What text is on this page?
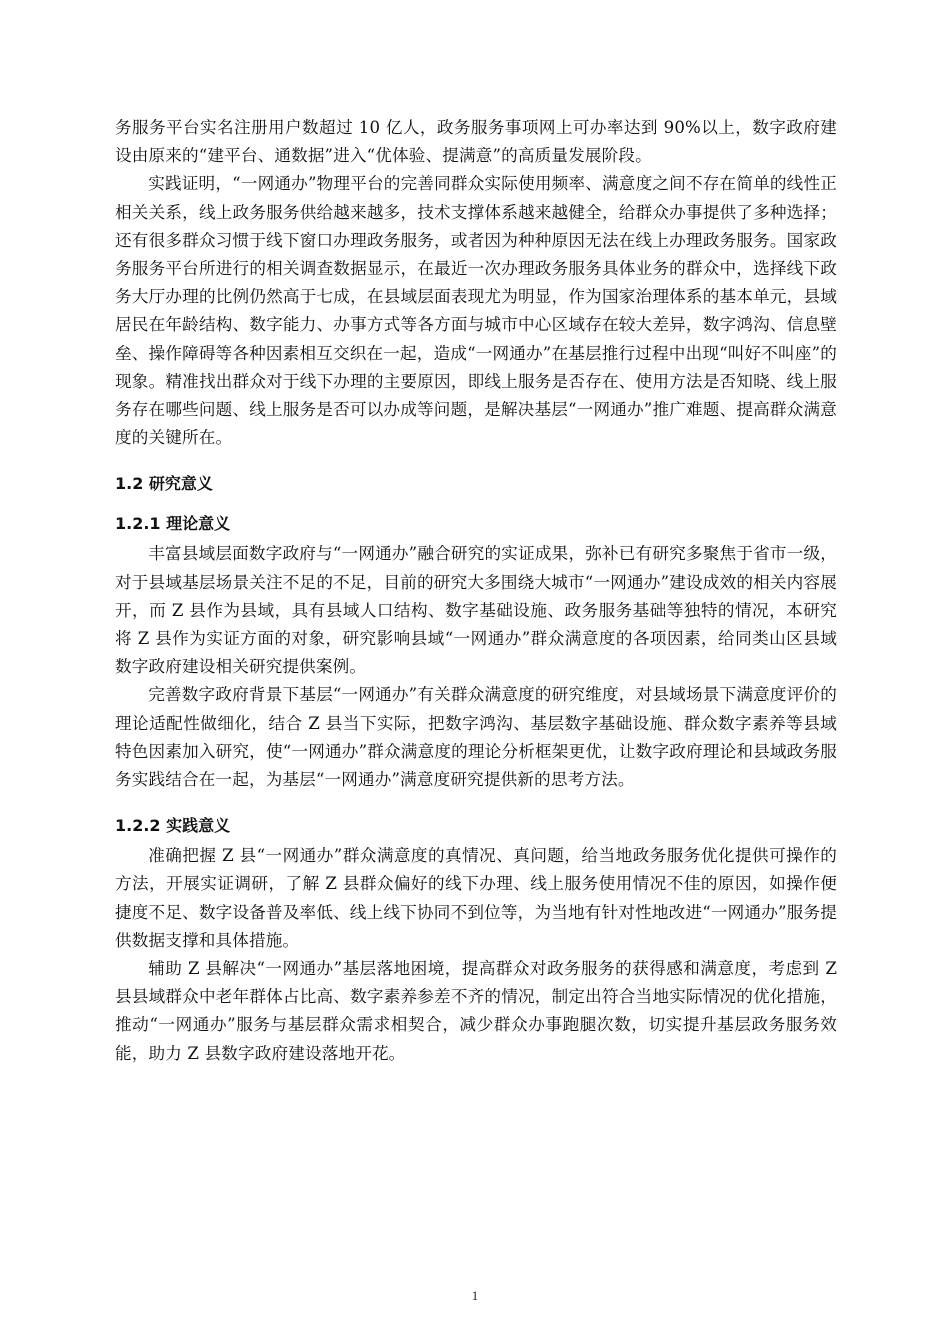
务服务平台实名注册用户数超过 10 亿人，政务服务事项网上可办率达到 90%以上，数字政府建设由原来的“建平台、通数据”进入“优体验、提满意”的高质量发展阶段。

实践证明，“一网通办”物理平台的完善同群众实际使用频率、满意度之间不存在简单的线性正相关关系，线上政务服务供给越来越多，技术支撑体系越来越健全，给群众办事提供了多种选择；还有很多群众习惯于线下窗口办理政务服务，或者因为种种原因无法在线上办理政务服务。国家政务服务平台所进行的相关调查数据显示，在最近一次办理政务服务具体业务的群众中，选择线下政务大厅办理的比例仍然高于七成，在县域层面表现尤为明显，作为国家治理体系的基本单元，县域居民在年龄结构、数字能力、办事方式等各方面与城市中心区域存在较大差异，数字鸿沟、信息壁垒、操作障碍等各种因素相互交织在一起，造成“一网通办”在基层推行过程中出现“叫好不叫座”的现象。精准找出群众对于线下办理的主要原因，即线上服务是否存在、使用方法是否知晓、线上服务存在哪些问题、线上服务是否可以办成等问题，是解决基层“一网通办”推广难题、提高群众满意度的关键所在。

1.2 研究意义
1.2.1 理论意义

丰富县域层面数字政府与“一网通办”融合研究的实证成果，弥补已有研究多聚焦于省市一级，对于县域基层场景关注不足的不足，目前的研究大多围绕大城市“一网通办”建设成效的相关内容展开，而 Z 县作为县域，具有县域人口结构、数字基础设施、政务服务基础等独特的情况，本研究将 Z 县作为实证方面的对象，研究影响县域“一网通办”群众满意度的各项因素，给同类山区县域数字政府建设相关研究提供案例。

完善数字政府背景下基层“一网通办”有关群众满意度的研究维度，对县域场景下满意度评价的理论适配性做细化，结合 Z 县当下实际，把数字鸿沟、基层数字基础设施、群众数字素养等县域特色因素加入研究，使“一网通办”群众满意度的理论分析框架更优，让数字政府理论和县域政务服务实践结合在一起，为基层“一网通办”满意度研究提供新的思考方法。

1.2.2 实践意义

准确把握 Z 县“一网通办”群众满意度的真情况、真问题，给当地政务服务优化提供可操作的方法，开展实证调研，了解 Z 县群众偏好的线下办理、线上服务使用情况不佳的原因，如操作便捷度不足、数字设备普及率低、线上线下协同不到位等，为当地有针对性地改进“一网通办”服务提供数据支撑和具体措施。

辅助 Z 县解决“一网通办”基层落地困境，提高群众对政务服务的获得感和满意度，考虑到 Z 县县域群众中老年群体占比高、数字素养参差不齐的情况，制定出符合当地实际情况的优化措施，推动“一网通办”服务与基层群众需求相契合，减少群众办事跑腿次数，切实提升基层政务服务效能，助力 Z 县数字政府建设落地开花。

1
